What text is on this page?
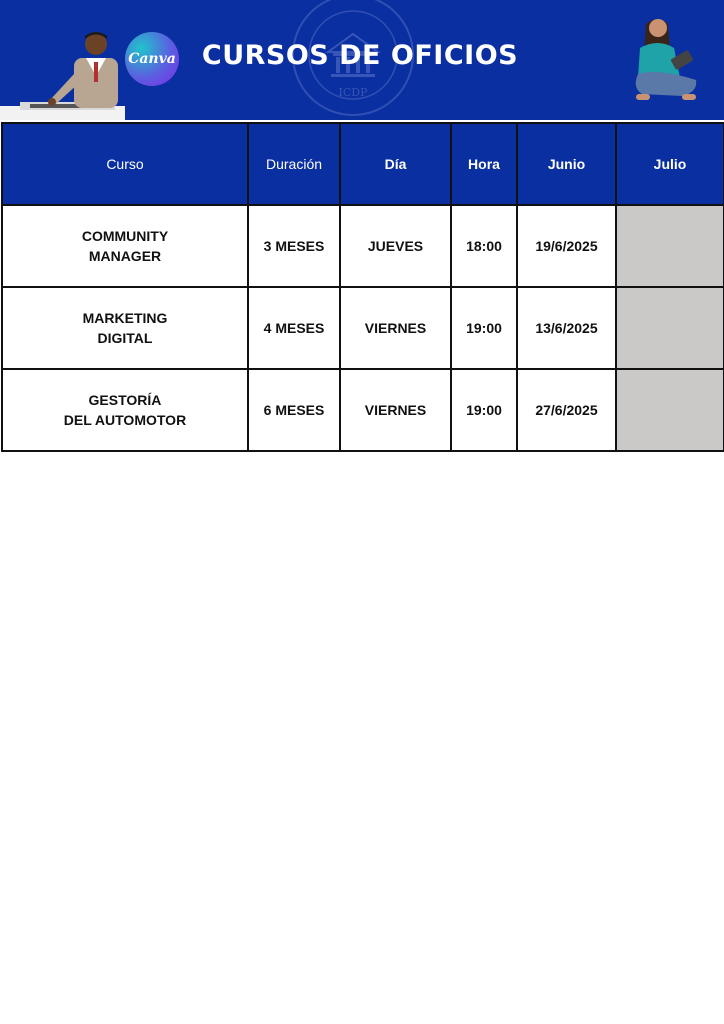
ICDP
Canva CURSOS DE OFICIOS
Curso	Duración	Día	Hora	Junio	Julio

COMMUNITY
MANAGER	3 MESES	JUEVES	18:00	19/6/2025	

MARKETING
DIGITAL	4 MESES	VIERNES	19:00	13/6/2025	

GESTORÍA
DEL AUTOMOTOR	6 MESES	VIERNES	19:00	27/6/2025	
